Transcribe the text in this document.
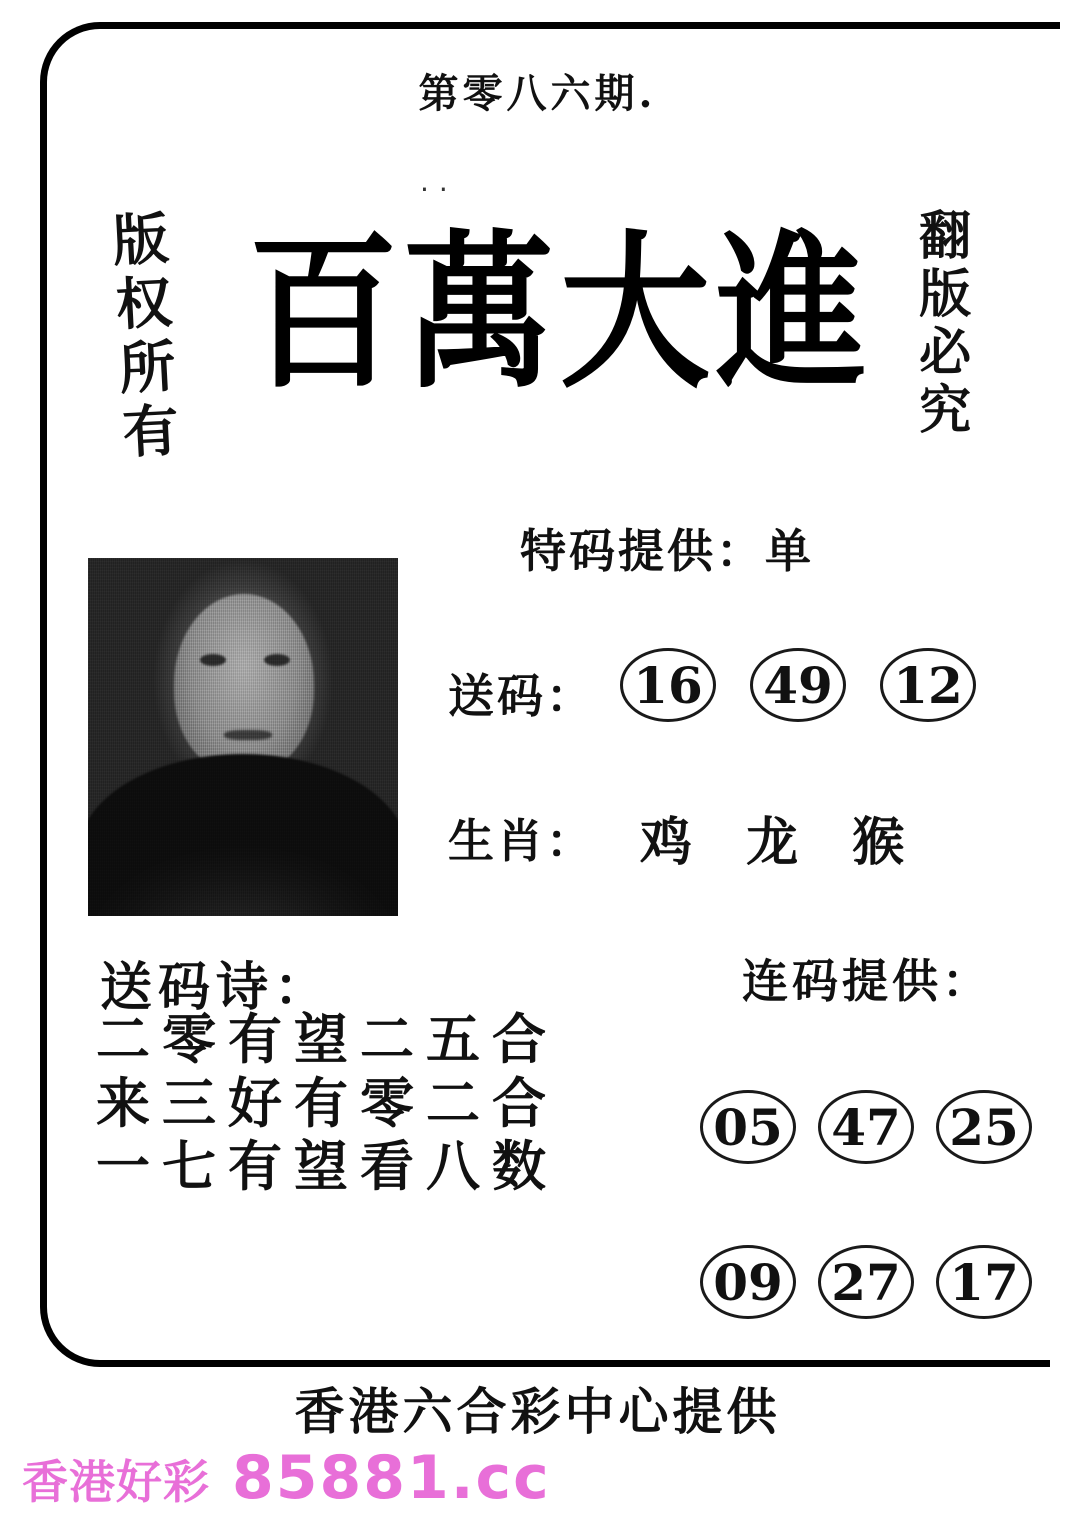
第零八六期.
..
版权所有	翻版必究
百萬大進
特码提供：单
送码： 16 49 12
生肖： 鸡 龙 猴
送码诗：
二零有望二五合
来三好有零二合
一七有望看八数
连码提供：
05 47 25
09 27 17
香港六合彩中心提供
香港好彩 85881.cc
